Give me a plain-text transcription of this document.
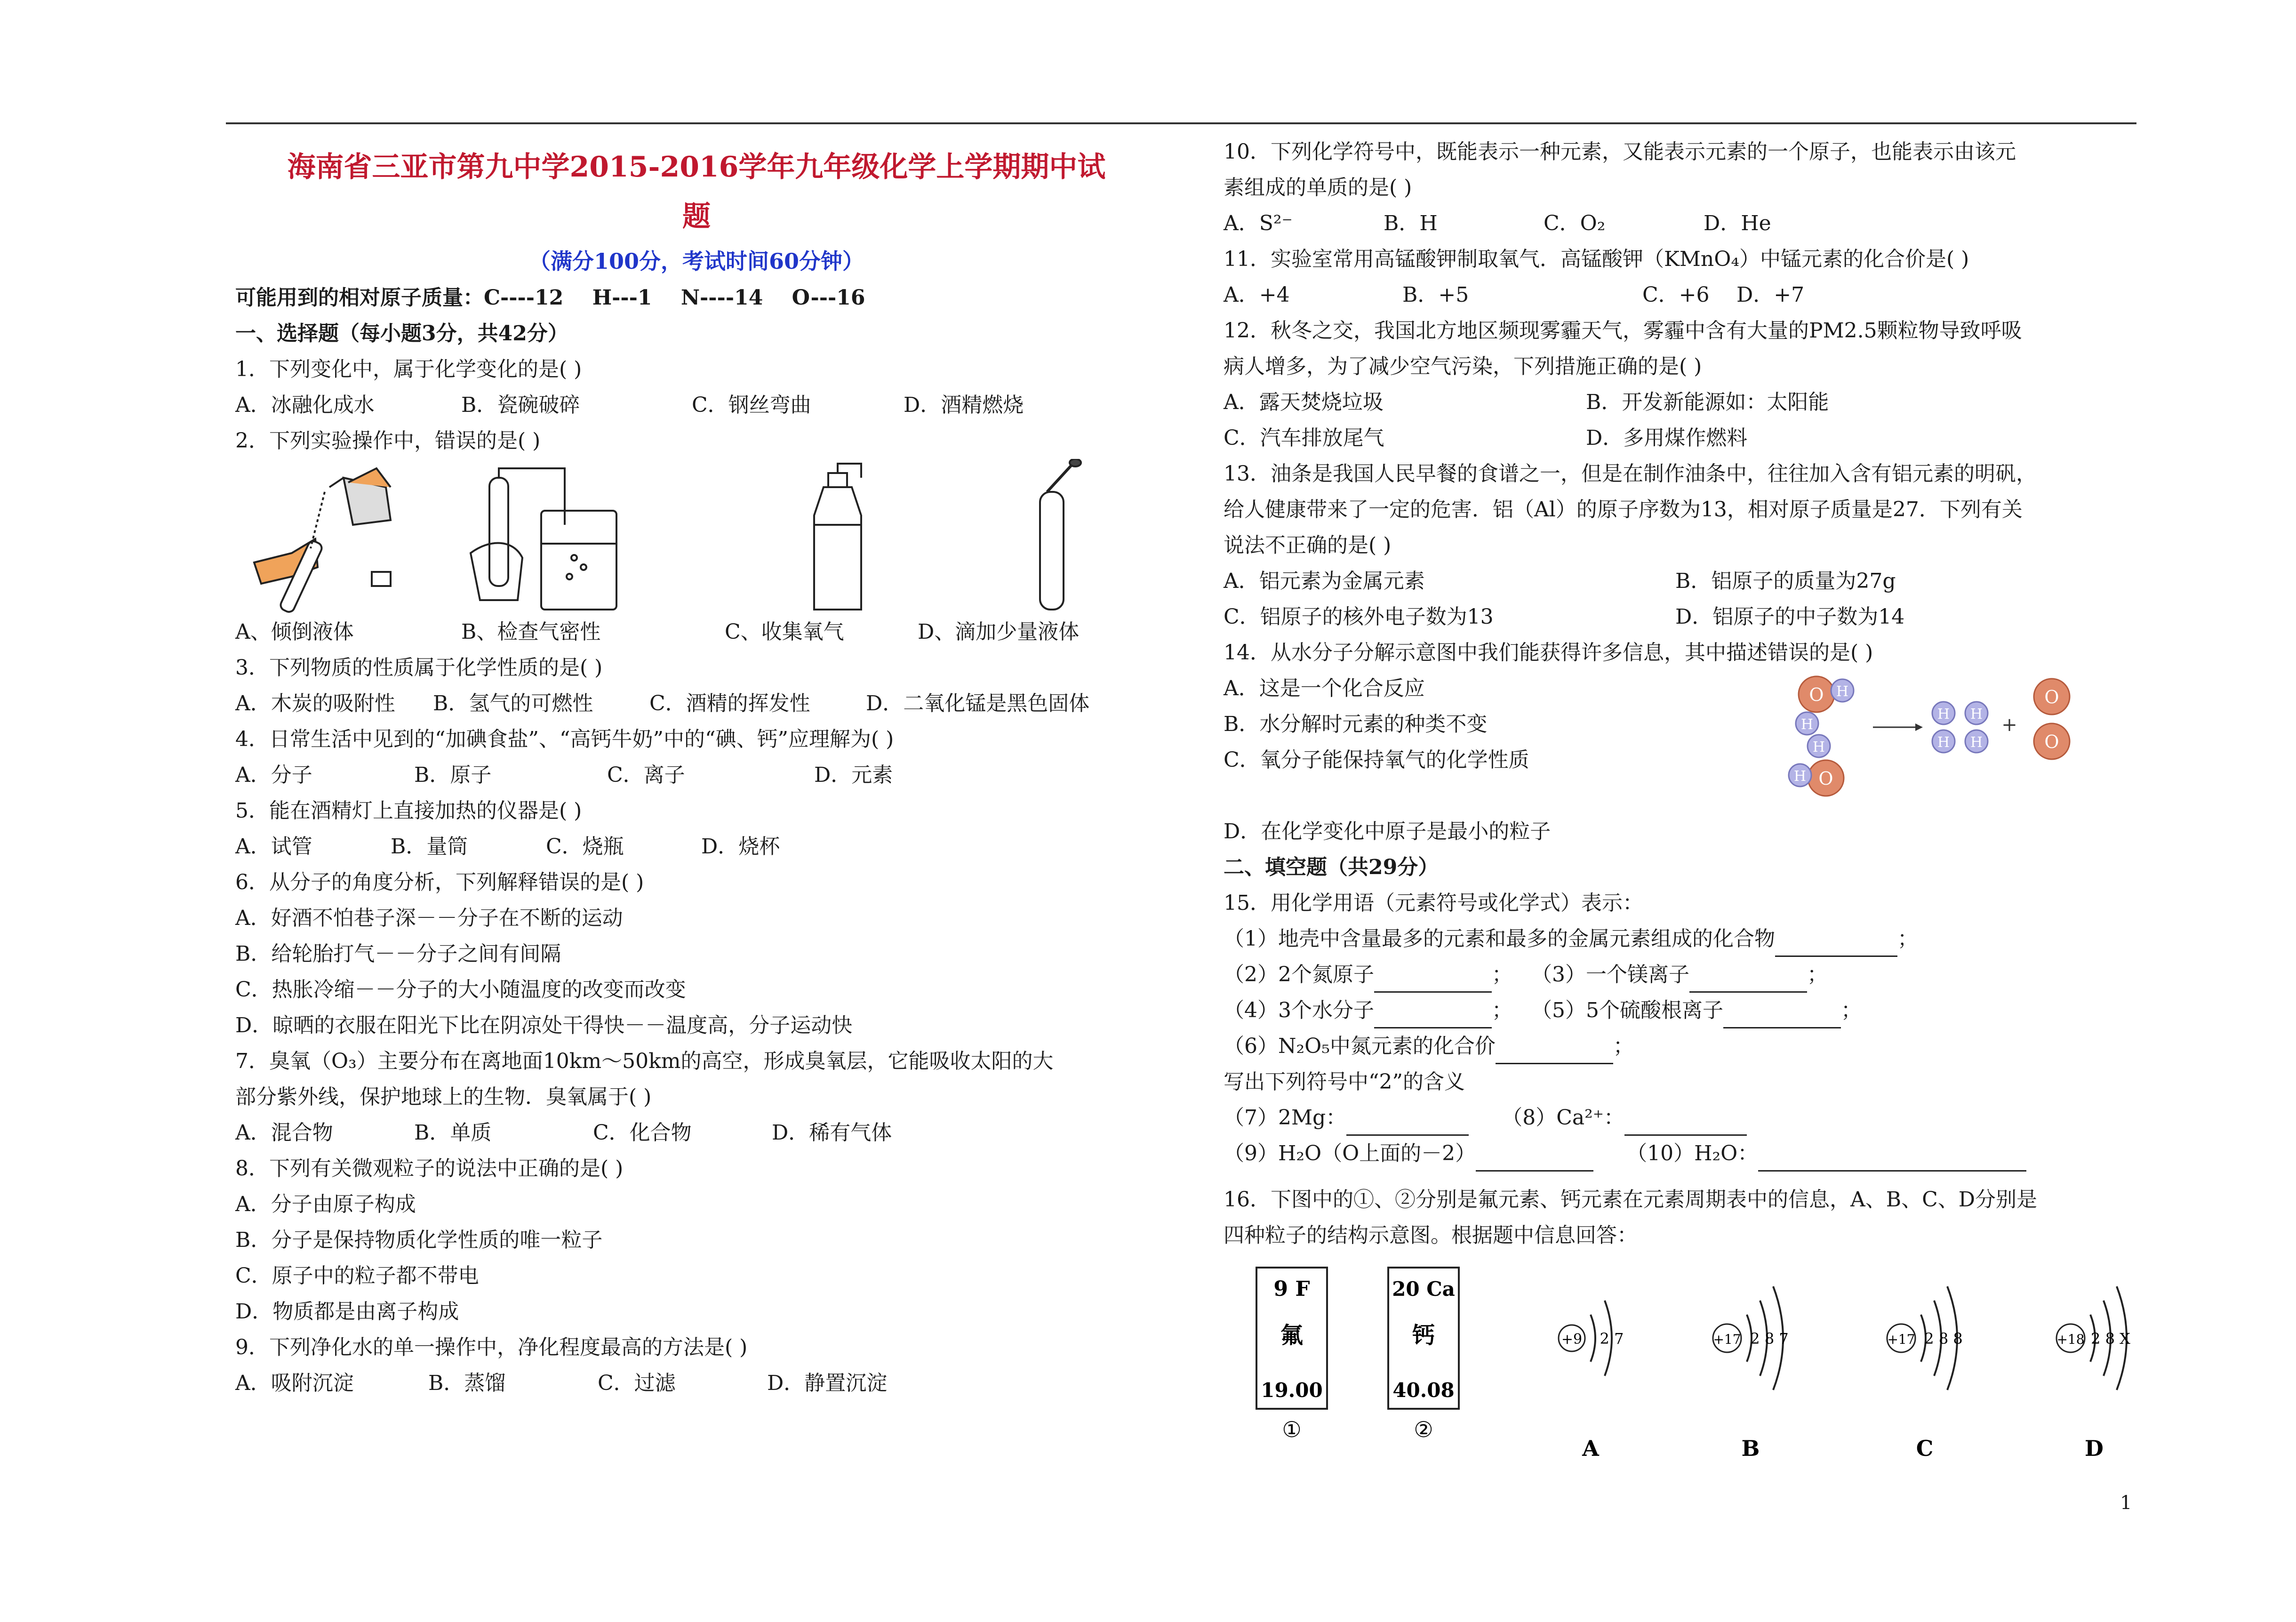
海南省三亚市第九中学2015-2016学年九年级化学上学期期中试
题
（满分100分，考试时间60分钟）
可能用到的相对原子质量：C----12    H---1    N----14    O---16
一、选择题（每小题3分，共42分）
1．下列变化中，属于化学变化的是( )
A．冰融化成水	B．瓷碗破碎	C．钢丝弯曲	D．酒精燃烧
2．下列实验操作中，错误的是( )
A、倾倒液体	B、检查气密性	C、收集氧气	D、滴加少量液体
3．下列物质的性质属于化学性质的是( )
A．木炭的吸附性 B．氢气的可燃性	C．酒精的挥发性	D．二氧化锰是黑色固体
4．日常生活中见到的“加碘食盐”、“高钙牛奶”中的“碘、钙”应理解为( )
A．分子	B．原子	C．离子	D．元素
5．能在酒精灯上直接加热的仪器是( )
A．试管	B．量筒	C．烧瓶	D．烧杯
6．从分子的角度分析，下列解释错误的是( )
A．好酒不怕巷子深－－分子在不断的运动
B．给轮胎打气－－分子之间有间隔
C．热胀冷缩－－分子的大小随温度的改变而改变
D．晾晒的衣服在阳光下比在阴凉处干得快－－温度高，分子运动快
7．臭氧（O₃）主要分布在离地面10km～50km的高空，形成臭氧层，它能吸收太阳的大
部分紫外线，保护地球上的生物．臭氧属于( )
A．混合物	B．单质	C．化合物	D．稀有气体
8．下列有关微观粒子的说法中正确的是( )
A．分子由原子构成
B．分子是保持物质化学性质的唯一粒子
C．原子中的粒子都不带电
D．物质都是由离子构成
9．下列净化水的单一操作中，净化程度最高的方法是( )
A．吸附沉淀	B．蒸馏	C．过滤	D．静置沉淀
10．下列化学符号中，既能表示一种元素，又能表示元素的一个原子，也能表示由该元
素组成的单质的是( )
A．S²⁻	B．H	C．O₂	D．He
11．实验室常用高锰酸钾制取氧气．高锰酸钾（KMnO₄）中锰元素的化合价是( )
A．+4	B．+5	C．+6 D．+7
12．秋冬之交，我国北方地区频现雾霾天气，雾霾中含有大量的PM2.5颗粒物导致呼吸
病人增多，为了减少空气污染，下列措施正确的是( )
A．露天焚烧垃圾	B．开发新能源如：太阳能
C．汽车排放尾气	D．多用煤作燃料
13．油条是我国人民早餐的食谱之一，但是在制作油条中，往往加入含有铝元素的明矾，
给人健康带来了一定的危害．铝（Al）的原子序数为13，相对原子质量是27．下列有关
说法不正确的是( )
A．铝元素为金属元素	B．铝原子的质量为27g
C．铝原子的核外电子数为13	D．铝原子的中子数为14
14．从水分子分解示意图中我们能获得许多信息，其中描述错误的是( )
A．这是一个化合反应
B．水分解时元素的种类不变
C．氧分子能保持氧气的化学性质
O H
H
H
O
H
H H
H H
+
O
O
D．在化学变化中原子是最小的粒子
二、填空题（共29分）
15．用化学用语（元素符号或化学式）表示：
（1）地壳中含量最多的元素和最多的金属元素组成的化合物	；
（2）2个氮原子	； （3）一个镁离子	；
（4）3个水分子	； （5）5个硫酸根离子	；
（6）N₂O₅中氮元素的化合价	；
写出下列符号中“2”的含义
（7）2Mg：	（8）Ca²⁺：
（9）H₂O（O上面的－2）	（10）H₂O：
16．下图中的①、②分别是氟元素、钙元素在元素周期表中的信息，A、B、C、D分别是
四种粒子的结构示意图。根据题中信息回答：
9 F
氟
19.00
①
20 Ca
钙
40.08
②
+9 2 7
A
+17 2 8 7
B
+17 2 8 8
C
+18 2 8 X
D
1
